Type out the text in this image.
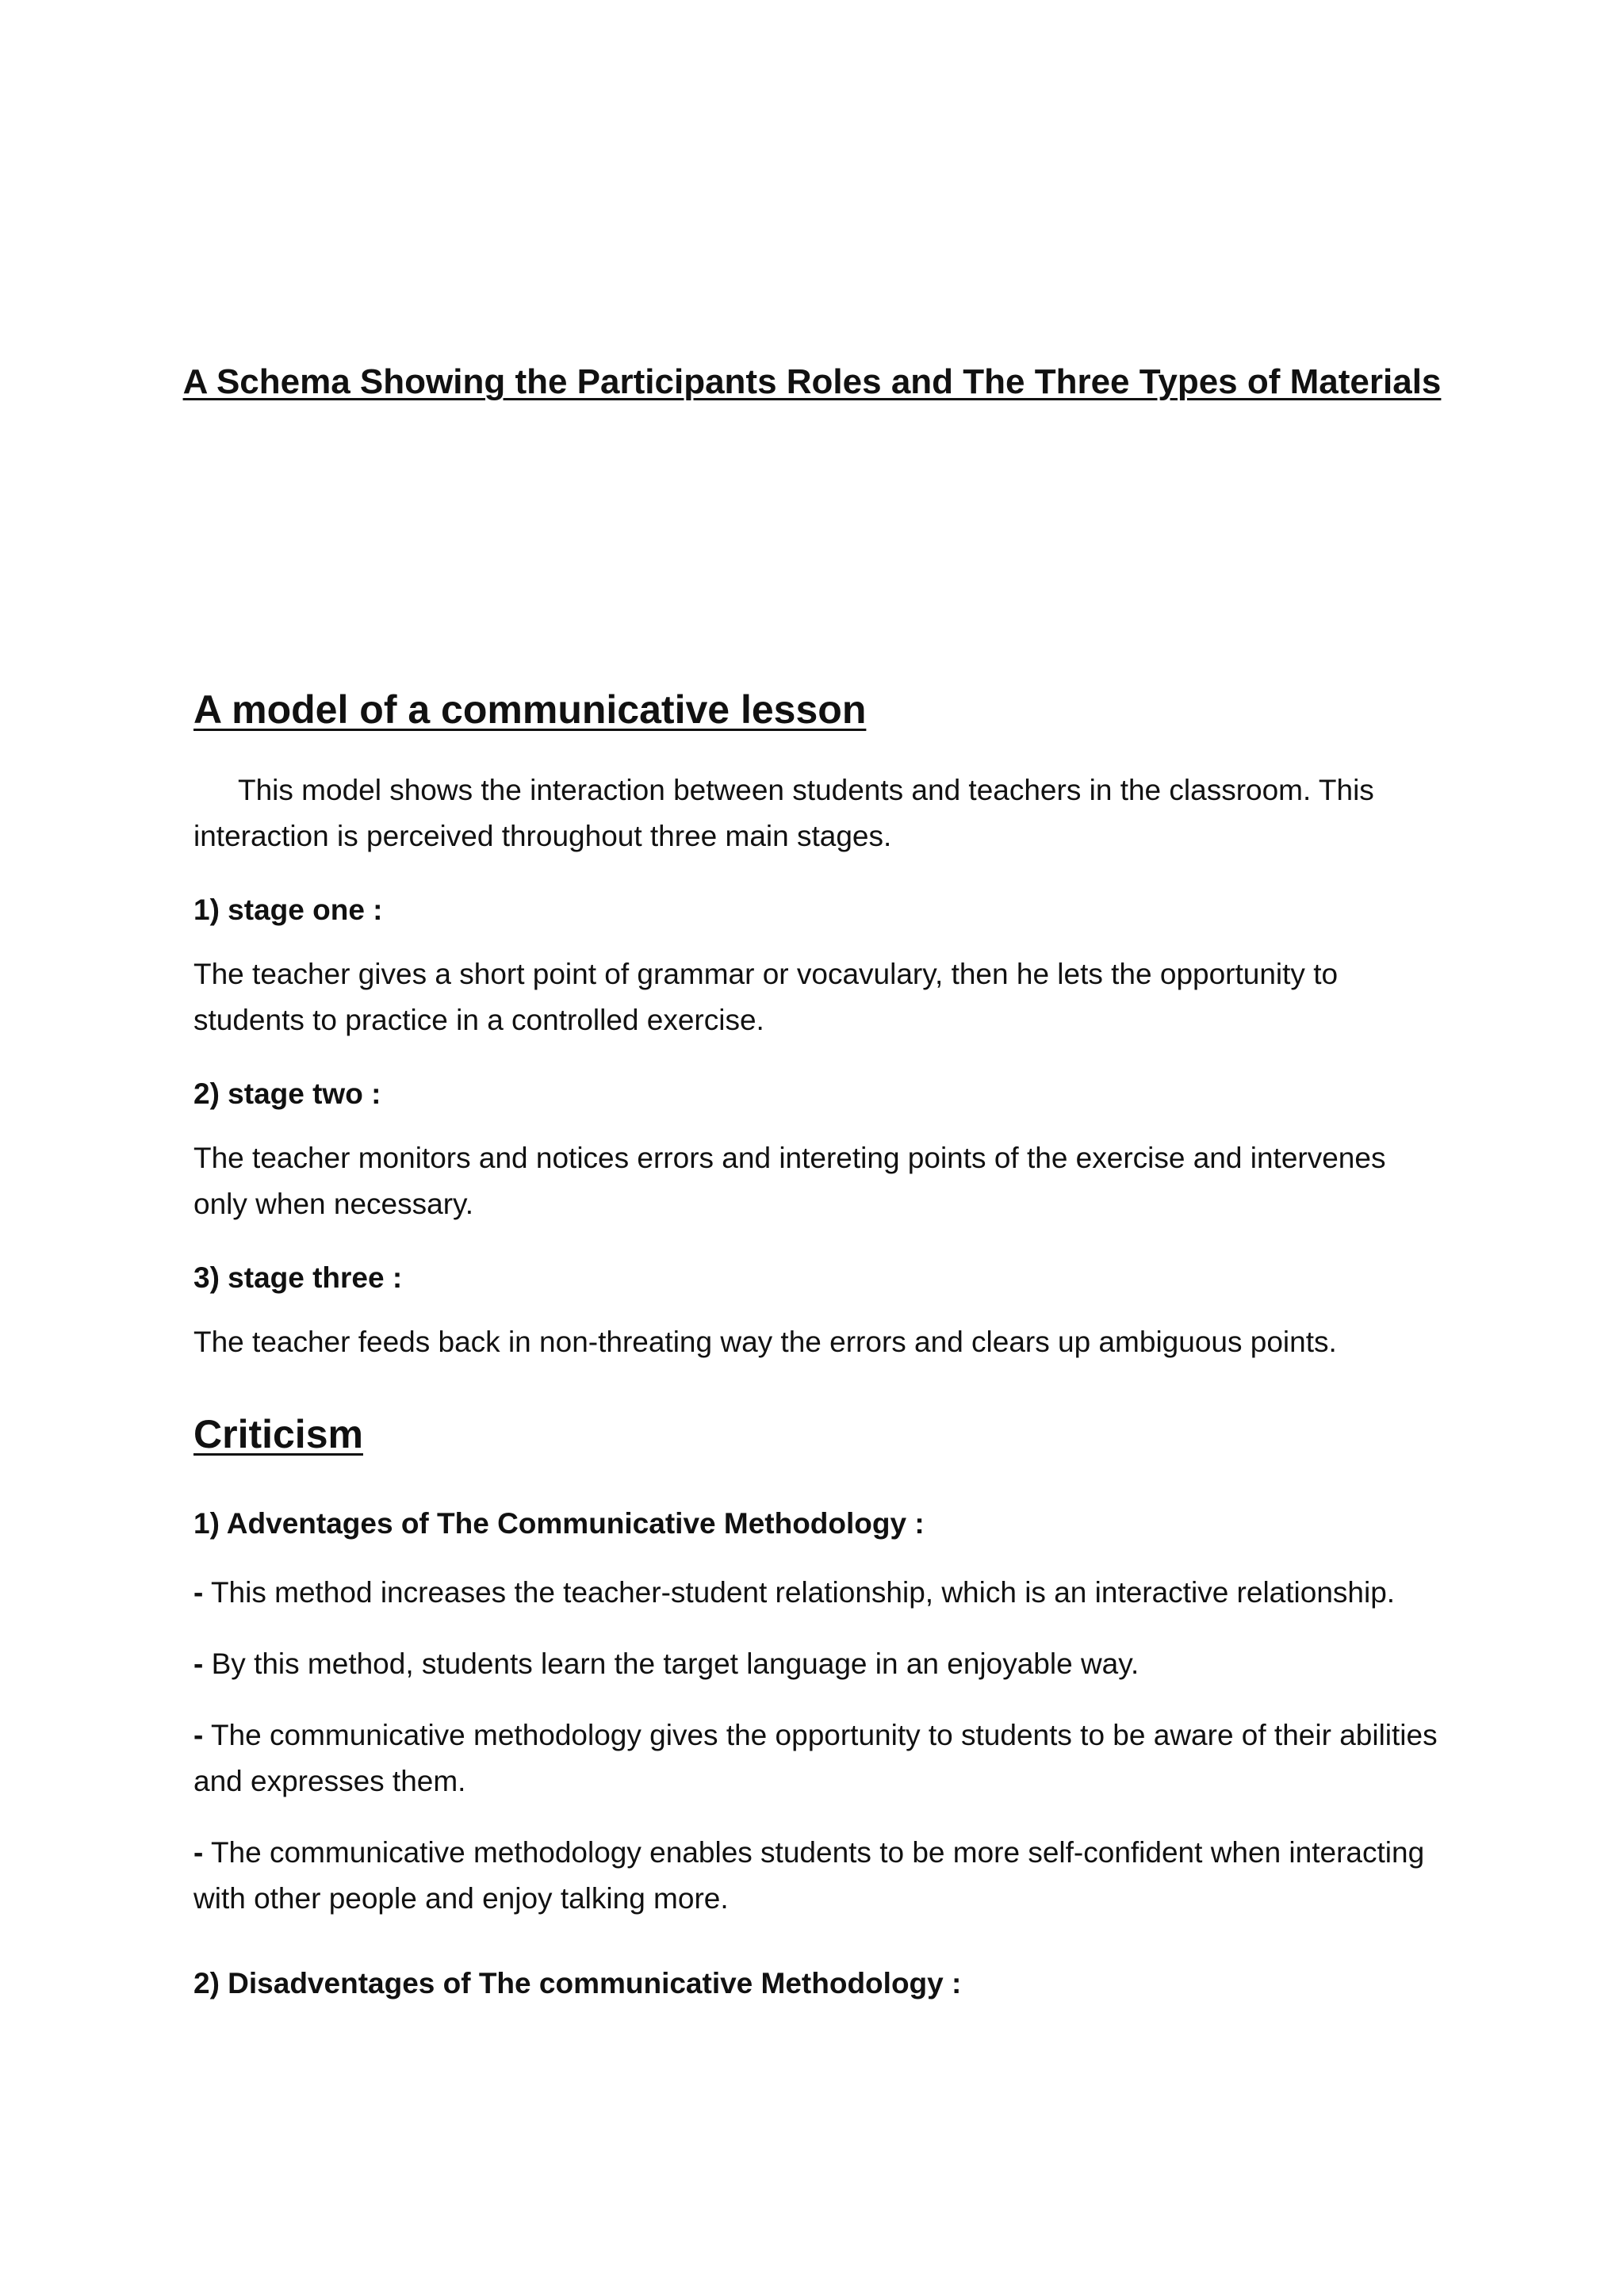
A Schema Showing the Participants Roles and The Three Types of Materials
A model of a communicative lesson

This model shows the interaction between students and teachers in the classroom. This interaction is perceived throughout three main stages.

1) stage one :

The teacher gives a short point of grammar or vocavulary, then he lets the opportunity to students to practice in a controlled exercise.

2) stage two :

The teacher monitors and notices errors and intereting points of the exercise and intervenes only when necessary.

3) stage three :

The teacher feeds back in non-threating way the errors and clears up ambiguous points.

Criticism

1) Adventages of The Communicative Methodology :

- This method increases the teacher-student relationship, which is an interactive relationship.

- By this method, students learn the target language in an enjoyable way.

- The communicative methodology gives the opportunity to students to be aware of their abilities and expresses them.

- The communicative methodology enables students to be more self-confident when interacting with other people and enjoy talking more.

2) Disadventages of The communicative Methodology :
